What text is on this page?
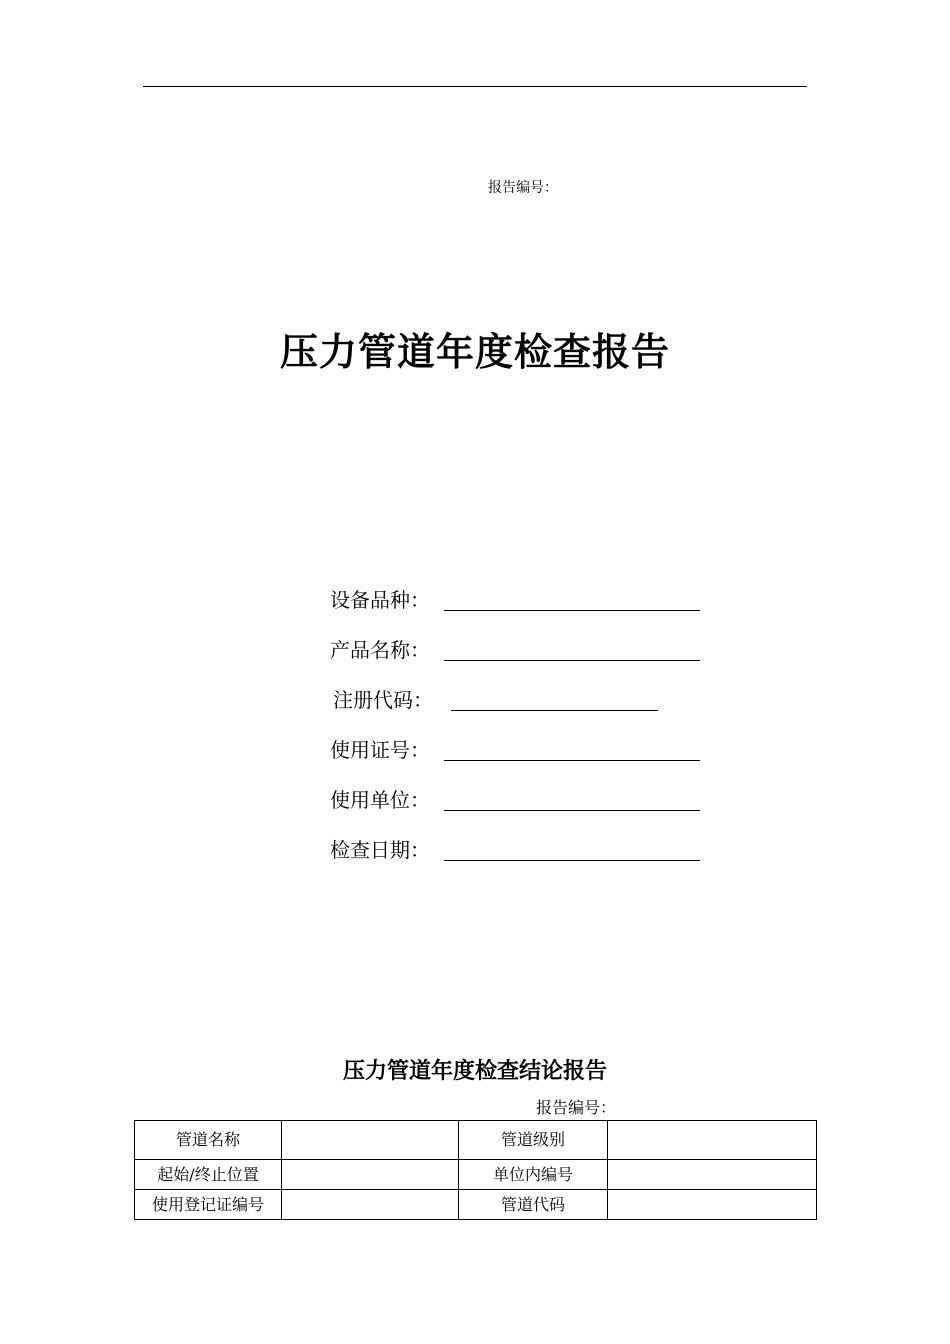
报告编号：
压力管道年度检查报告
设备品种：
产品名称：
注册代码：
使用证号：
使用单位：
检查日期：
压力管道年度检查结论报告
报告编号：
管道名称		管道级别	
起始/终止位置		单位内编号	
使用登记证编号		管道代码	
